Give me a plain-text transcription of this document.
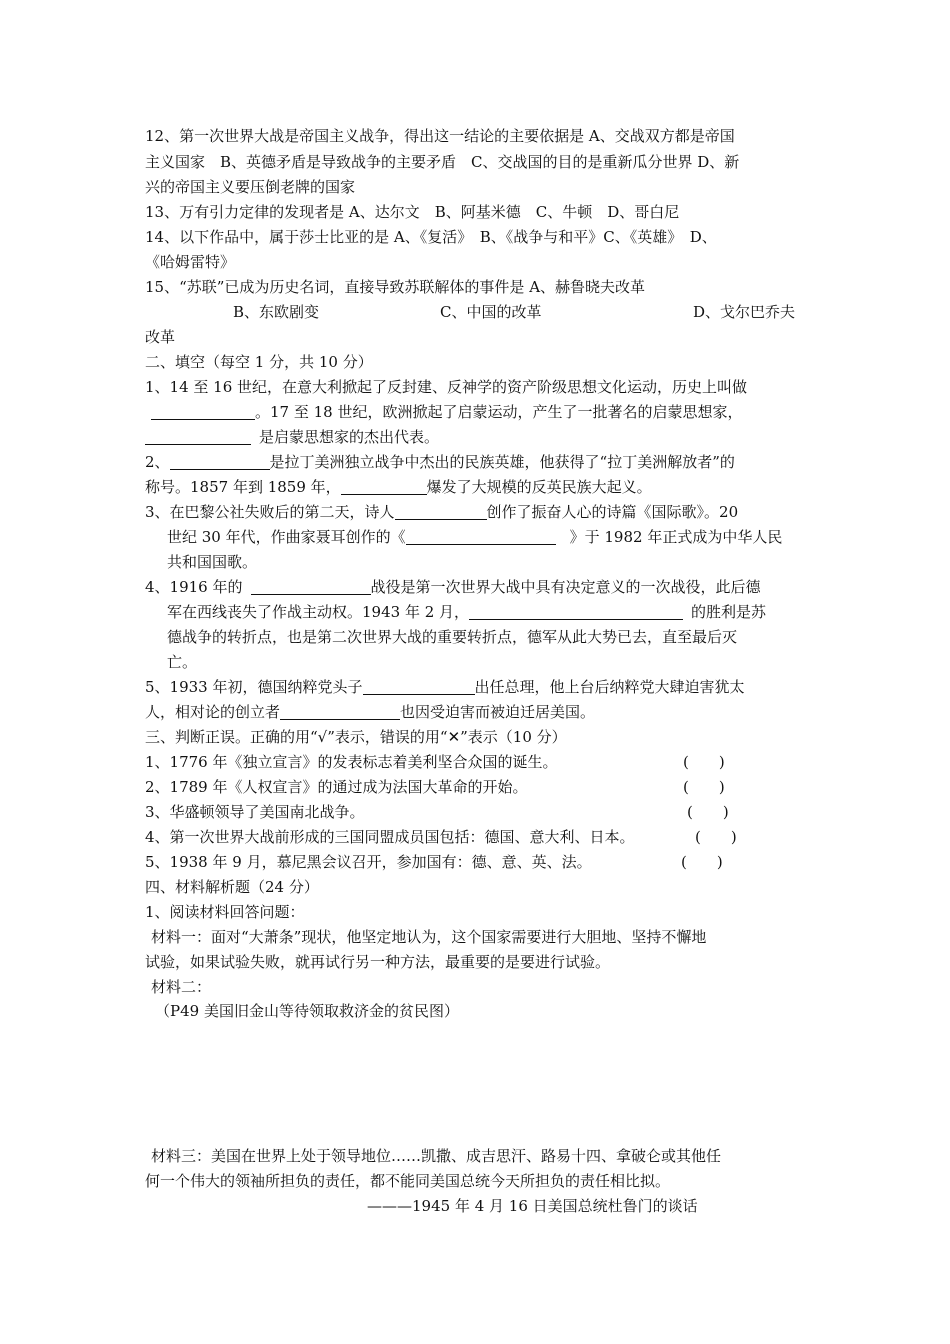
12、第一次世界大战是帝国主义战争，得出这一结论的主要依据是 A、交战双方都是帝国
主义国家　B、英德矛盾是导致战争的主要矛盾　C、交战国的目的是重新瓜分世界 D、新
兴的帝国主义要压倒老牌的国家
13、万有引力定律的发现者是 A、达尔文　B、阿基米德　C、牛顿　D、哥白尼
14、以下作品中，属于莎士比亚的是 A、《复活》　B、《战争与和平》C、《英雄》　D、
《哈姆雷特》
15、“苏联”已成为历史名词，直接导致苏联解体的事件是 A、赫鲁晓夫改革
B、东欧剧变	C、中国的改革	D、戈尔巴乔夫
改革
二、填空（每空 1 分，共 10 分）
1、14 至 16 世纪，在意大利掀起了反封建、反神学的资产阶级思想文化运动，历史上叫做
。17 至 18 世纪，欧洲掀起了启蒙运动，产生了一批著名的启蒙思想家，
是启蒙思想家的杰出代表。
2、	是拉丁美洲独立战争中杰出的民族英雄，他获得了“拉丁美洲解放者”的
称号。1857 年到 1859 年，	爆发了大规模的反英民族大起义。
3、在巴黎公社失败后的第二天，诗人	创作了振奋人心的诗篇《国际歌》。20
世纪 30 年代，作曲家聂耳创作的《	》于 1982 年正式成为中华人民
共和国国歌。
4、1916 年的	战役是第一次世界大战中具有决定意义的一次战役，此后德
军在西线丧失了作战主动权。1943 年 2 月，	的胜利是苏
德战争的转折点，也是第二次世界大战的重要转折点，德军从此大势已去，直至最后灭
亡。
5、1933 年初，德国纳粹党头子	出任总理，他上台后纳粹党大肆迫害犹太
人，相对论的创立者	也因受迫害而被迫迁居美国。
三、判断正误。正确的用“√”表示，错误的用“✕”表示（10 分）
1、1776 年《独立宣言》的发表标志着美利坚合众国的诞生。	(　　)
2、1789 年《人权宣言》的通过成为法国大革命的开始。	(　　)
3、华盛顿领导了美国南北战争。	(　　)
4、第一次世界大战前形成的三国同盟成员国包括：德国、意大利、日本。	(　　)
5、1938 年 9 月，慕尼黑会议召开，参加国有：德、意、英、法。	(　　)
四、材料解析题（24 分）
1、阅读材料回答问题：
材料一：面对“大萧条”现状，他坚定地认为，这个国家需要进行大胆地、坚持不懈地
试验，如果试验失败，就再试行另一种方法，最重要的是要进行试验。
材料二：
（P49 美国旧金山等待领取救济金的贫民图）
材料三：美国在世界上处于领导地位……凯撒、成吉思汗、路易十四、拿破仑或其他任
何一个伟大的领袖所担负的责任，都不能同美国总统今天所担负的责任相比拟。
———1945 年 4 月 16 日美国总统杜鲁门的谈话
